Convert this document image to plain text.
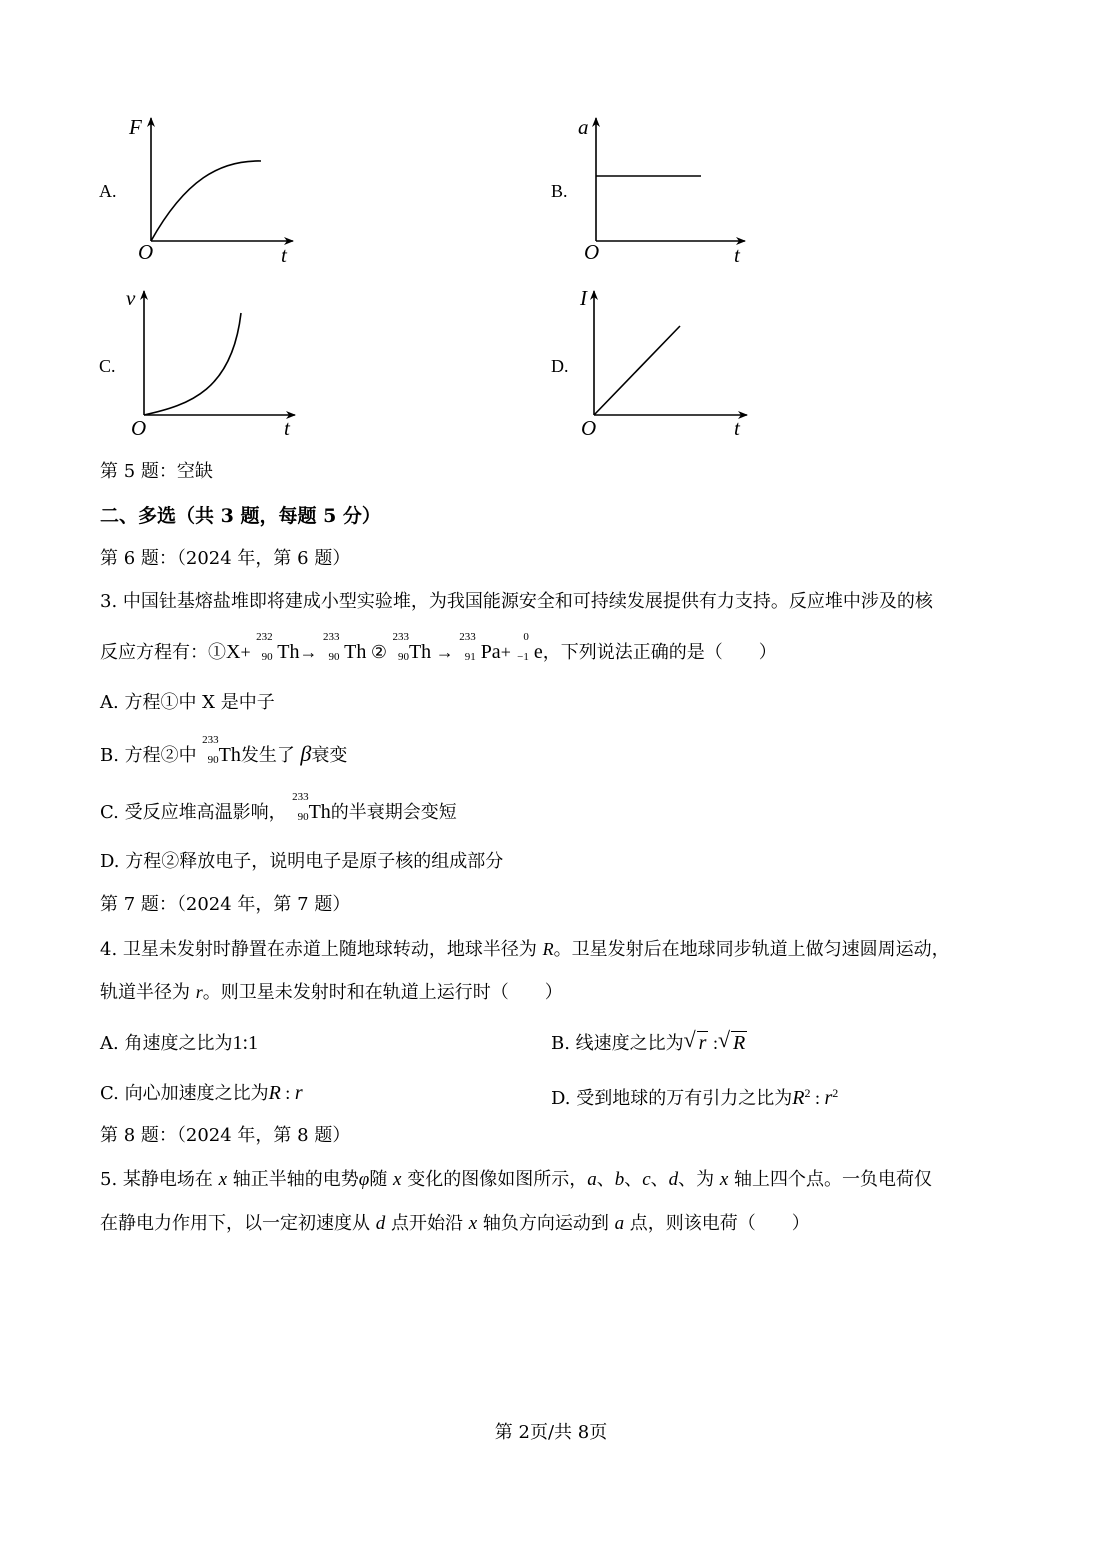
A.
F
t
O
B.
a
t
O
C.
v
t
O
D.
I
t
O
第 5 题：空缺
二、多选（共 3 题，每题 5 分）
第 6 题：（2024 年，第 6 题）
3. 中国钍基熔盐堆即将建成小型实验堆，为我国能源安全和可持续发展提供有力支持。反应堆中涉及的核
反应方程有：①X+
232
90 Th→
233
90 Th ②
233
90 Th →
233
91 Pa+
0
−1 e，下列说法正确的是（　　）
A. 方程①中 X 是中子
B. 方程②中
233
90 Th发生了 β衰变
C. 受反应堆高温影响，
233
90 Th的半衰期会变短
D. 方程②释放电子，说明电子是原子核的组成部分
第 7 题：（2024 年，第 7 题）
4. 卫星未发射时静置在赤道上随地球转动，地球半径为 R。卫星发射后在地球同步轨道上做匀速圆周运动，
轨道半径为 r。则卫星未发射时和在轨道上运行时（　　）
A. 角速度之比为1:1	B. 线速度之比为 √ r : √ R
C. 向心加速度之比为R : r	D. 受到地球的万有引力之比为$R^2$ : $r^2$
第 8 题：（2024 年，第 8 题）
5. 某静电场在 x 轴正半轴的电势φ随 x 变化的图像如图所示，a、b、c、d、为 x 轴上四个点。一负电荷仅
在静电力作用下，以一定初速度从 d 点开始沿 x 轴负方向运动到 a 点，则该电荷（　　）
第 2页/共 8页
